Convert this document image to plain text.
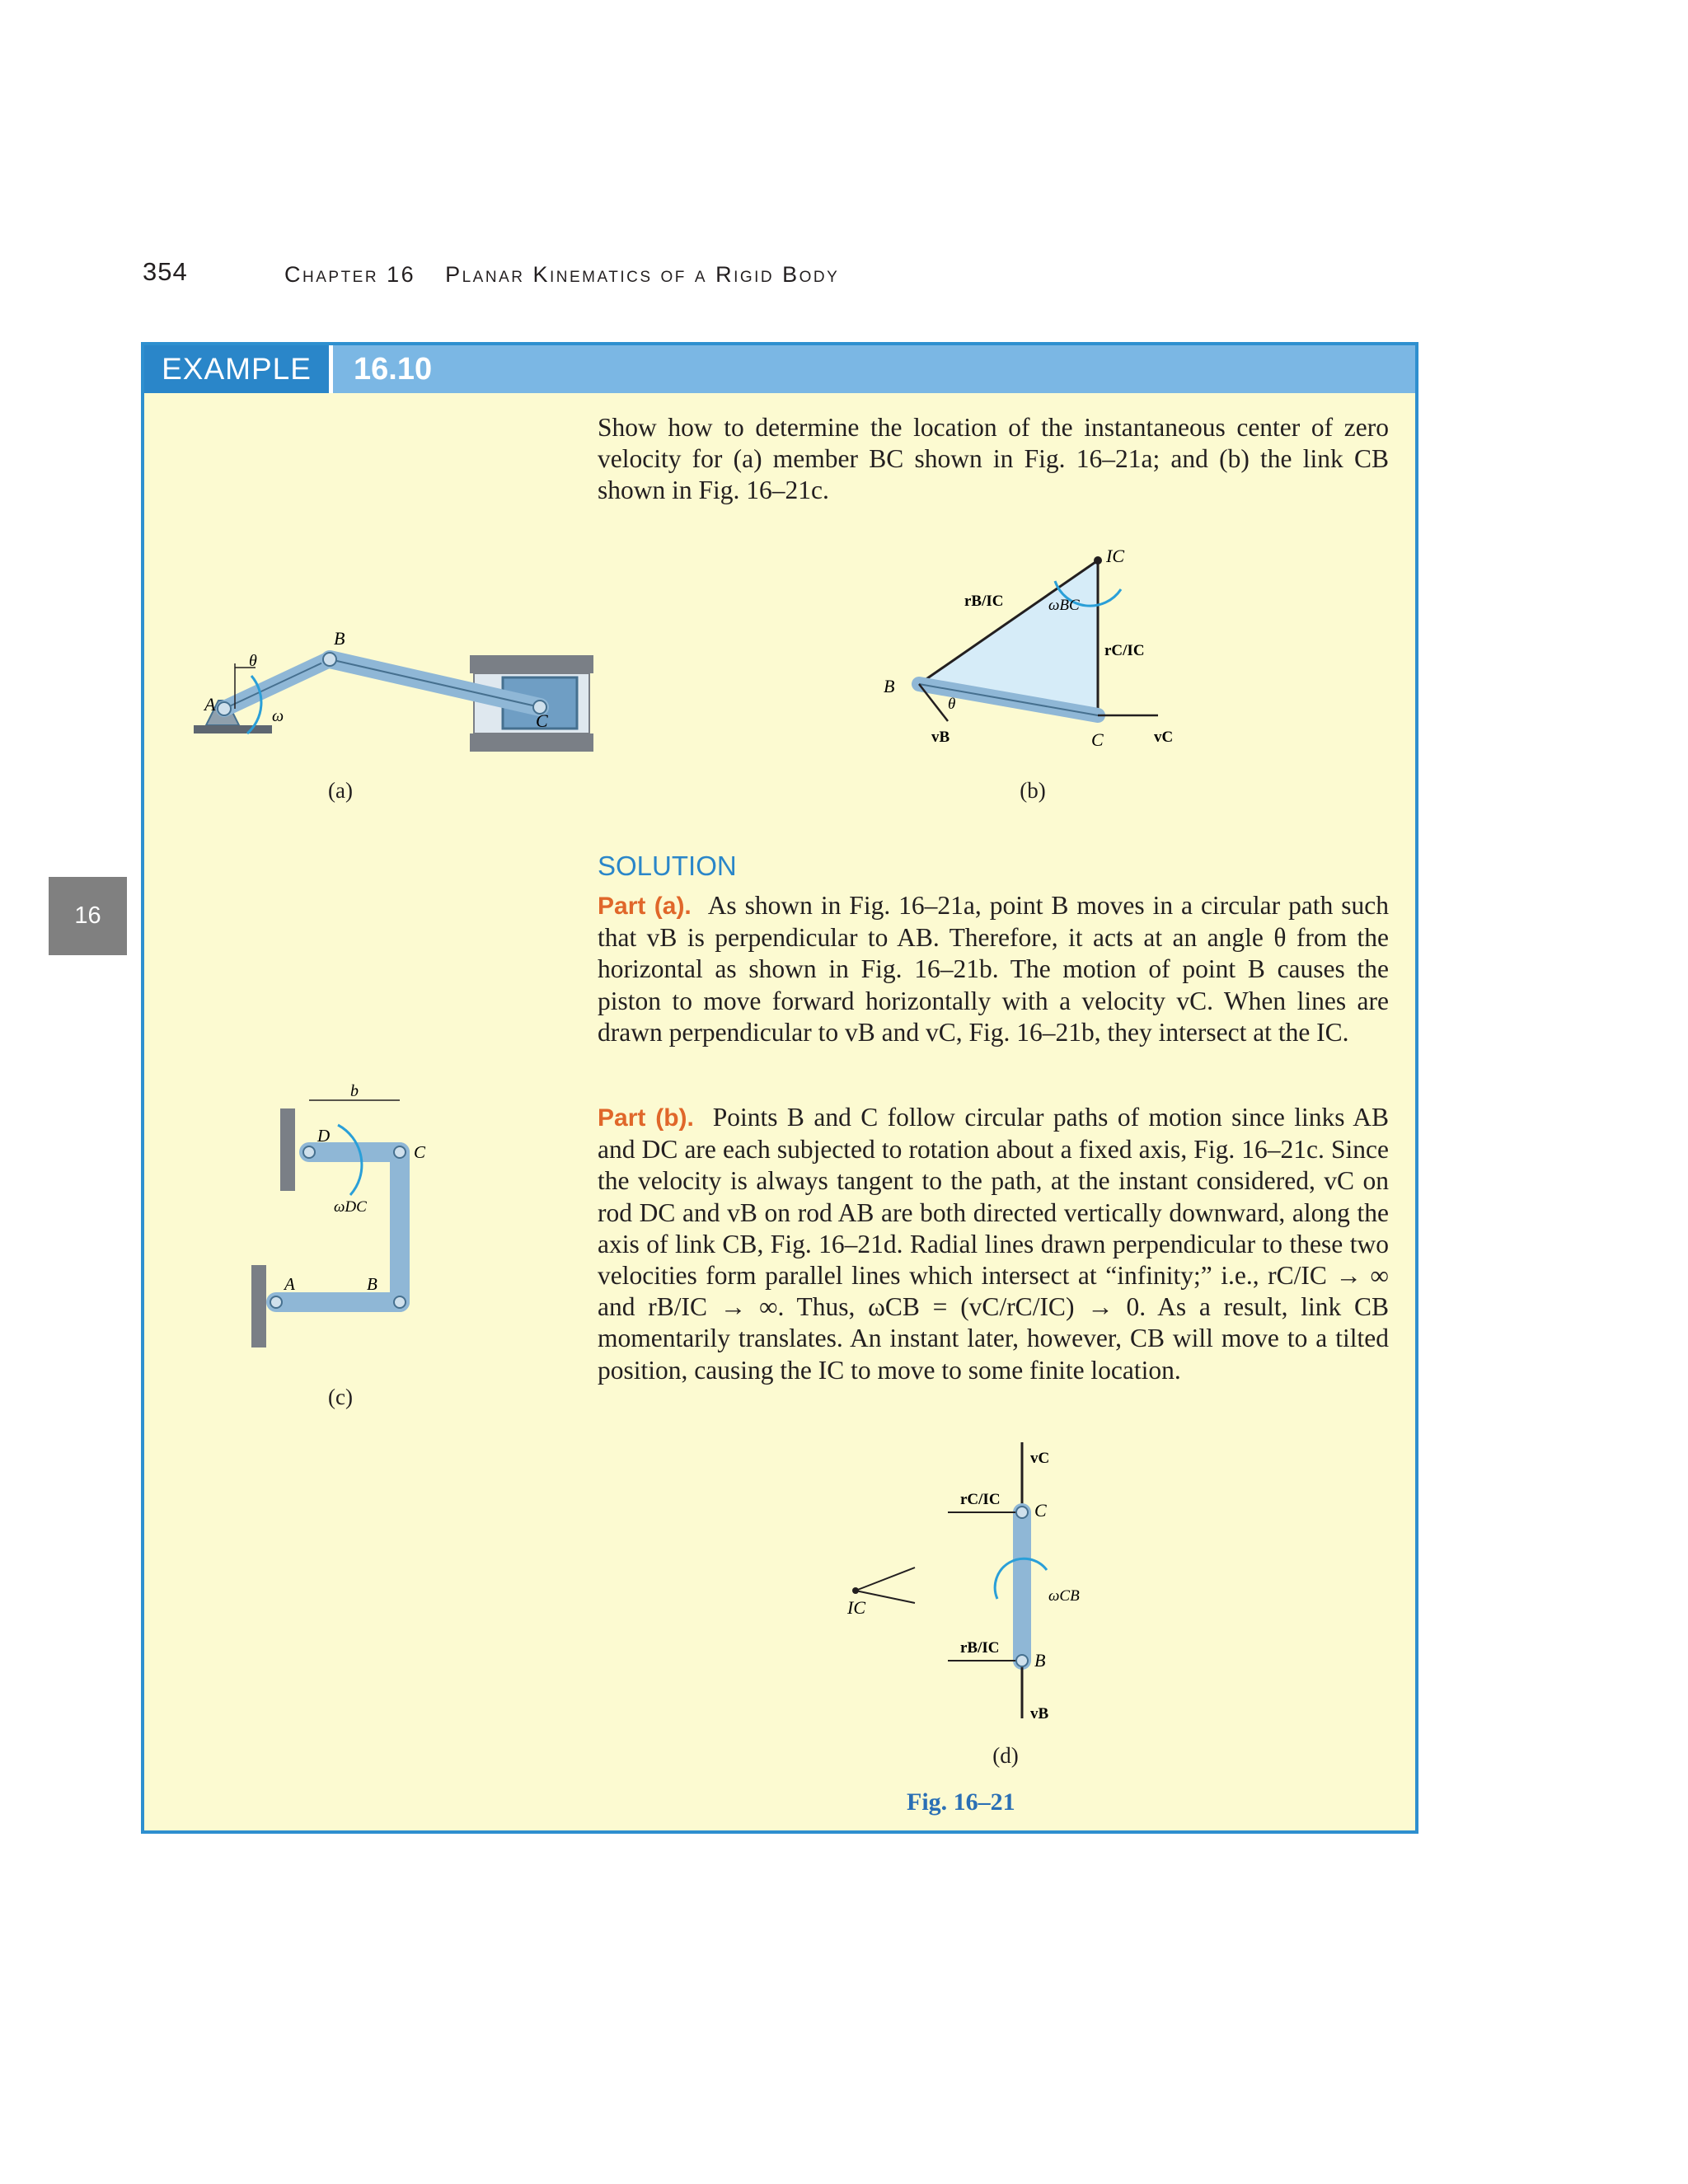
354	Chapter 16 Planar Kinematics of a Rigid Body
16
EXAMPLE	16.10
Show how to determine the location of the instantaneous center of zero velocity for (a) member BC shown in Fig. 16–21a; and (b) the link CB shown in Fig. 16–21c.
SOLUTION
Part (a). As shown in Fig. 16–21a, point B moves in a circular path such that vB is perpendicular to AB. Therefore, it acts at an angle θ from the horizontal as shown in Fig. 16–21b. The motion of point B causes the piston to move forward horizontally with a velocity vC. When lines are drawn perpendicular to vB and vC, Fig. 16–21b, they intersect at the IC.
Part (b). Points B and C follow circular paths of motion since links AB and DC are each subjected to rotation about a fixed axis, Fig. 16–21c. Since the velocity is always tangent to the path, at the instant considered, vC on rod DC and vB on rod AB are both directed vertically downward, along the axis of link CB, Fig. 16–21d. Radial lines drawn perpendicular to these two velocities form parallel lines which intersect at “infinity;” i.e., rC/IC → ∞ and rB/IC → ∞. Thus, ωCB = (vC/rC/IC) → 0. As a result, link CB momentarily translates. An instant later, however, CB will move to a tilted position, causing the IC to move to some finite location.
A
B
C
θ
ω
(a)
IC
B
C
θ
rB/IC
rC/IC
ωBC
vB	vC
(b)
b
D
C
A	B
ωDC
(c)
IC
C
B
vC
vB
rC/IC
rB/IC
ωCB
(d)
Fig. 16–21
